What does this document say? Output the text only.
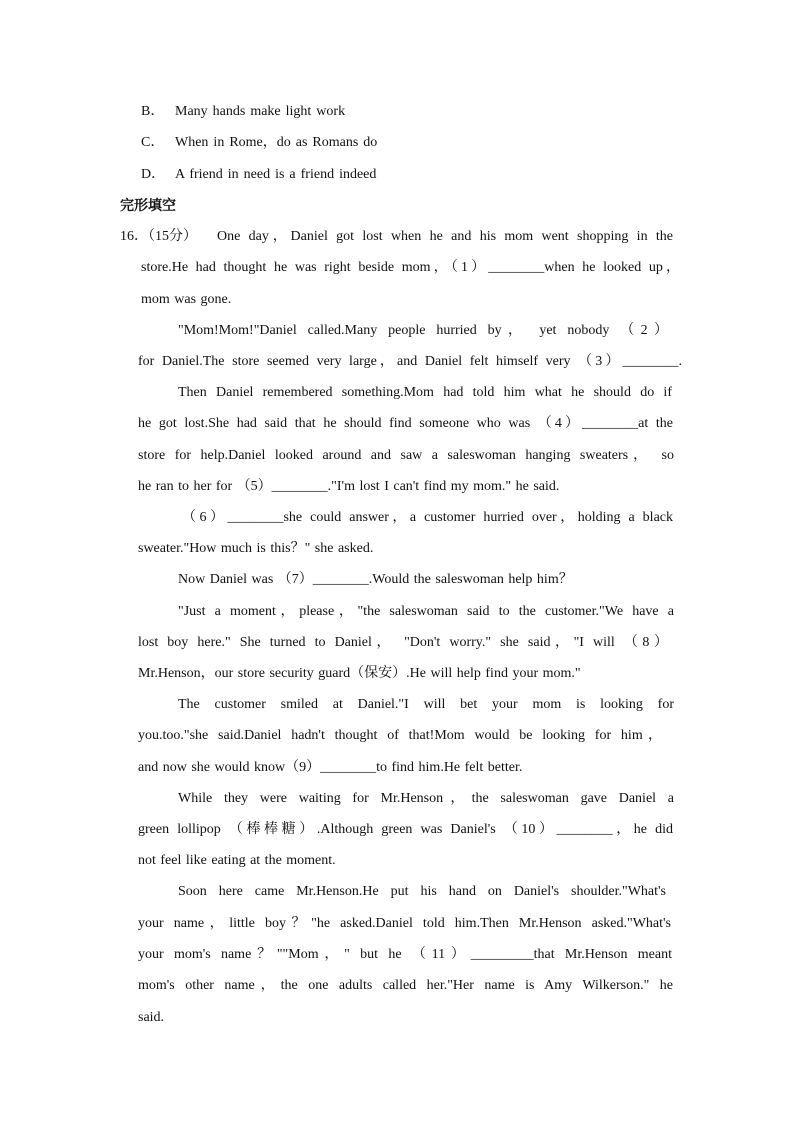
B． Many hands make light work
C． When in Rome，do as Romans do
D． A friend in need is a friend indeed
完形填空
16．（15分） One day，Daniel got lost when he and his mom went shopping in the
store.He had thought he was right beside mom，（1）________when he looked up，
mom was gone.
"Mom!Mom!"Daniel called.Many people hurried by， yet nobody （2）
for Daniel.The store seemed very large，and Daniel felt himself very （3）________.
Then Daniel remembered something.Mom had told him what he should do if
he got lost.She had said that he should find someone who was （4）________at the
store for help.Daniel looked around and saw a saleswoman hanging sweaters， so
he ran to her for （5）________."I'm lost I can't find my mom." he said.
（6）________she could answer，a customer hurried over，holding a black
sweater."How much is this？" she asked.
Now Daniel was （7）________.Would the saleswoman help him？
"Just a moment，please，"the saleswoman said to the customer."We have a
lost boy here." She turned to Daniel， "Don't worry." she said，"I will （8）
Mr.Henson，our store security guard（保安）.He will help find your mom."
The customer smiled at Daniel."I will bet your mom is looking for
you.too."she said.Daniel hadn't thought of that!Mom would be looking for him，
and now she would know（9）________to find him.He felt better.
While they were waiting for Mr.Henson，the saleswoman gave Daniel a
green lollipop （棒棒糖）.Although green was Daniel's （10）________，he did
not feel like eating at the moment.
Soon here came Mr.Henson.He put his hand on Daniel's shoulder."What's
your name，little boy？"he asked.Daniel told him.Then Mr.Henson asked."What's
your mom's name？""Mom，" but he （11）_________that Mr.Henson meant
mom's other name，the one adults called her."Her name is Amy Wilkerson." he
said.
